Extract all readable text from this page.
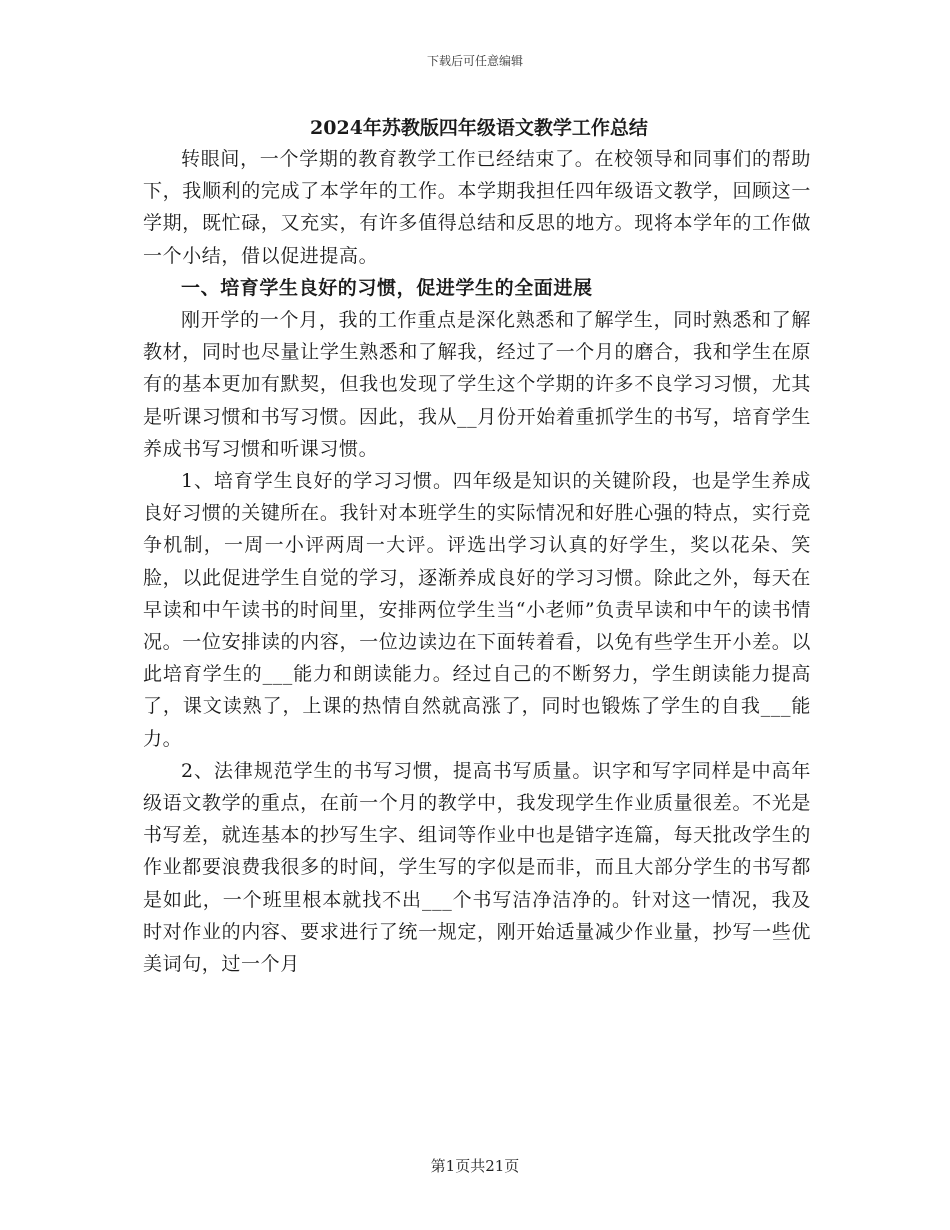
下载后可任意编辑
2024年苏教版四年级语文教学工作总结

转眼间，一个学期的教育教学工作已经结束了。在校领导和同事们的帮助下，我顺利的完成了本学年的工作。本学期我担任四年级语文教学，回顾这一学期，既忙碌，又充实，有许多值得总结和反思的地方。现将本学年的工作做一个小结，借以促进提高。

一、培育学生良好的习惯，促进学生的全面进展

刚开学的一个月，我的工作重点是深化熟悉和了解学生，同时熟悉和了解教材，同时也尽量让学生熟悉和了解我，经过了一个月的磨合，我和学生在原有的基本更加有默契，但我也发现了学生这个学期的许多不良学习习惯，尤其是听课习惯和书写习惯。因此，我从__月份开始着重抓学生的书写，培育学生养成书写习惯和听课习惯。

1、培育学生良好的学习习惯。四年级是知识的关键阶段，也是学生养成良好习惯的关键所在。我针对本班学生的实际情况和好胜心强的特点，实行竞争机制，一周一小评两周一大评。评选出学习认真的好学生，奖以花朵、笑脸，以此促进学生自觉的学习，逐渐养成良好的学习习惯。除此之外，每天在早读和中午读书的时间里，安排两位学生当“小老师”负责早读和中午的读书情况。一位安排读的内容，一位边读边在下面转着看，以免有些学生开小差。以此培育学生的___能力和朗读能力。经过自己的不断努力，学生朗读能力提高了，课文读熟了，上课的热情自然就高涨了，同时也锻炼了学生的自我___能力。

2、法律规范学生的书写习惯，提高书写质量。识字和写字同样是中高年级语文教学的重点，在前一个月的教学中，我发现学生作业质量很差。不光是书写差，就连基本的抄写生字、组词等作业中也是错字连篇，每天批改学生的作业都要浪费我很多的时间，学生写的字似是而非，而且大部分学生的书写都是如此，一个班里根本就找不出___个书写洁净洁净的。针对这一情况，我及时对作业的内容、要求进行了统一规定，刚开始适量减少作业量，抄写一些优美词句，过一个月

第1页共21页
